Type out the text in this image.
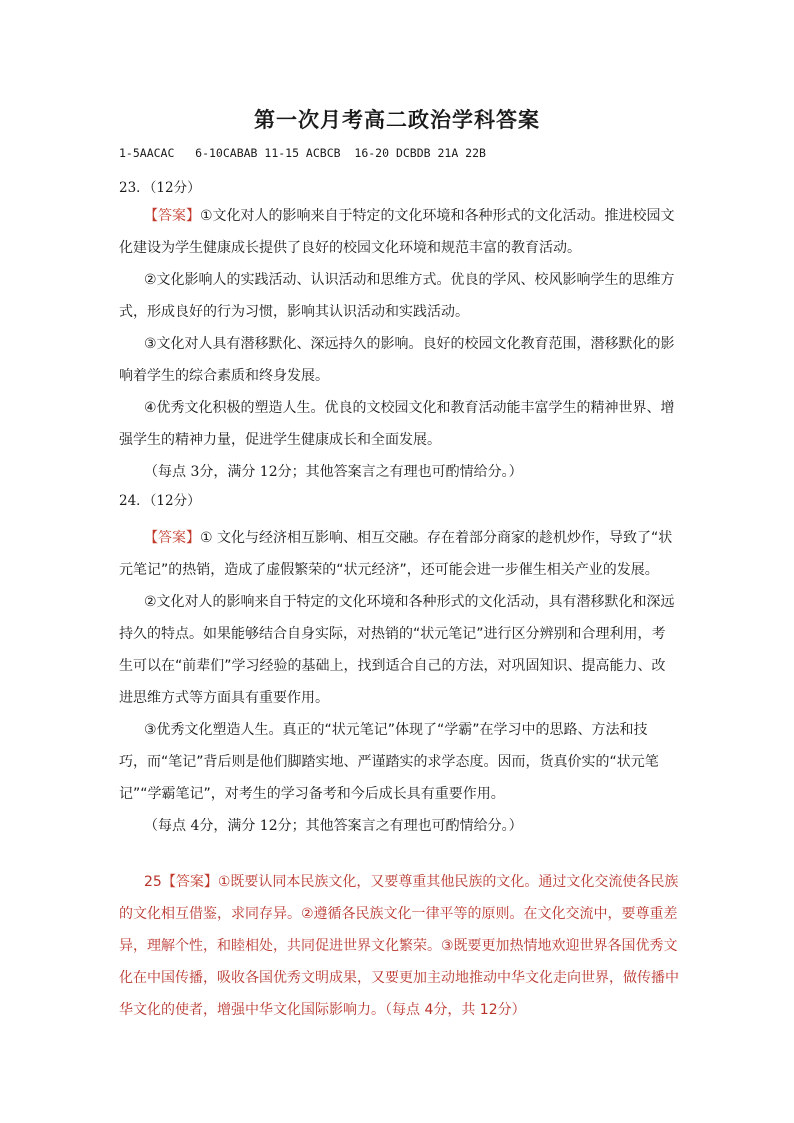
第一次月考高二政治学科答案
1-5AACAC   6-10CABAB 11-15 ACBCB  16-20 DCBDB 21A 22B
23．（12分）

【答案】①文化对人的影响来自于特定的文化环境和各种形式的文化活动。推进校园文

化建设为学生健康成长提供了良好的校园文化环境和规范丰富的教育活动。

②文化影响人的实践活动、认识活动和思维方式。优良的学风、校风影响学生的思维方

式，形成良好的行为习惯，影响其认识活动和实践活动。

③文化对人具有潜移默化、深远持久的影响。良好的校园文化教育范围，潜移默化的影

响着学生的综合素质和终身发展。

④优秀文化积极的塑造人生。优良的文校园文化和教育活动能丰富学生的精神世界、增

强学生的精神力量，促进学生健康成长和全面发展。

（每点 3分，满分 12分；其他答案言之有理也可酌情给分。）

24．（12分）

【答案】① 文化与经济相互影响、相互交融。存在着部分商家的趁机炒作，导致了“状

元笔记”的热销，造成了虚假繁荣的“状元经济”，还可能会进一步催生相关产业的发展。

②文化对人的影响来自于特定的文化环境和各种形式的文化活动，具有潜移默化和深远

持久的特点。如果能够结合自身实际，对热销的“状元笔记”进行区分辨别和合理利用，考

生可以在“前辈们”学习经验的基础上，找到适合自己的方法，对巩固知识、提高能力、改

进思维方式等方面具有重要作用。

③优秀文化塑造人生。真正的“状元笔记”体现了“学霸”在学习中的思路、方法和技

巧，而“笔记”背后则是他们脚踏实地、严谨踏实的求学态度。因而，货真价实的“状元笔

记”“学霸笔记”，对考生的学习备考和今后成长具有重要作用。

（每点 4分，满分 12分；其他答案言之有理也可酌情给分。）

25【答案】①既要认同本民族文化，又要尊重其他民族的文化。通过文化交流使各民族

的文化相互借鉴，求同存异。②遵循各民族文化一律平等的原则。在文化交流中，要尊重差

异，理解个性，和睦相处，共同促进世界文化繁荣。③既要更加热情地欢迎世界各国优秀文

化在中国传播，吸收各国优秀文明成果，又要更加主动地推动中华文化走向世界，做传播中

华文化的使者，增强中华文化国际影响力。（每点 4分，共 12分）
